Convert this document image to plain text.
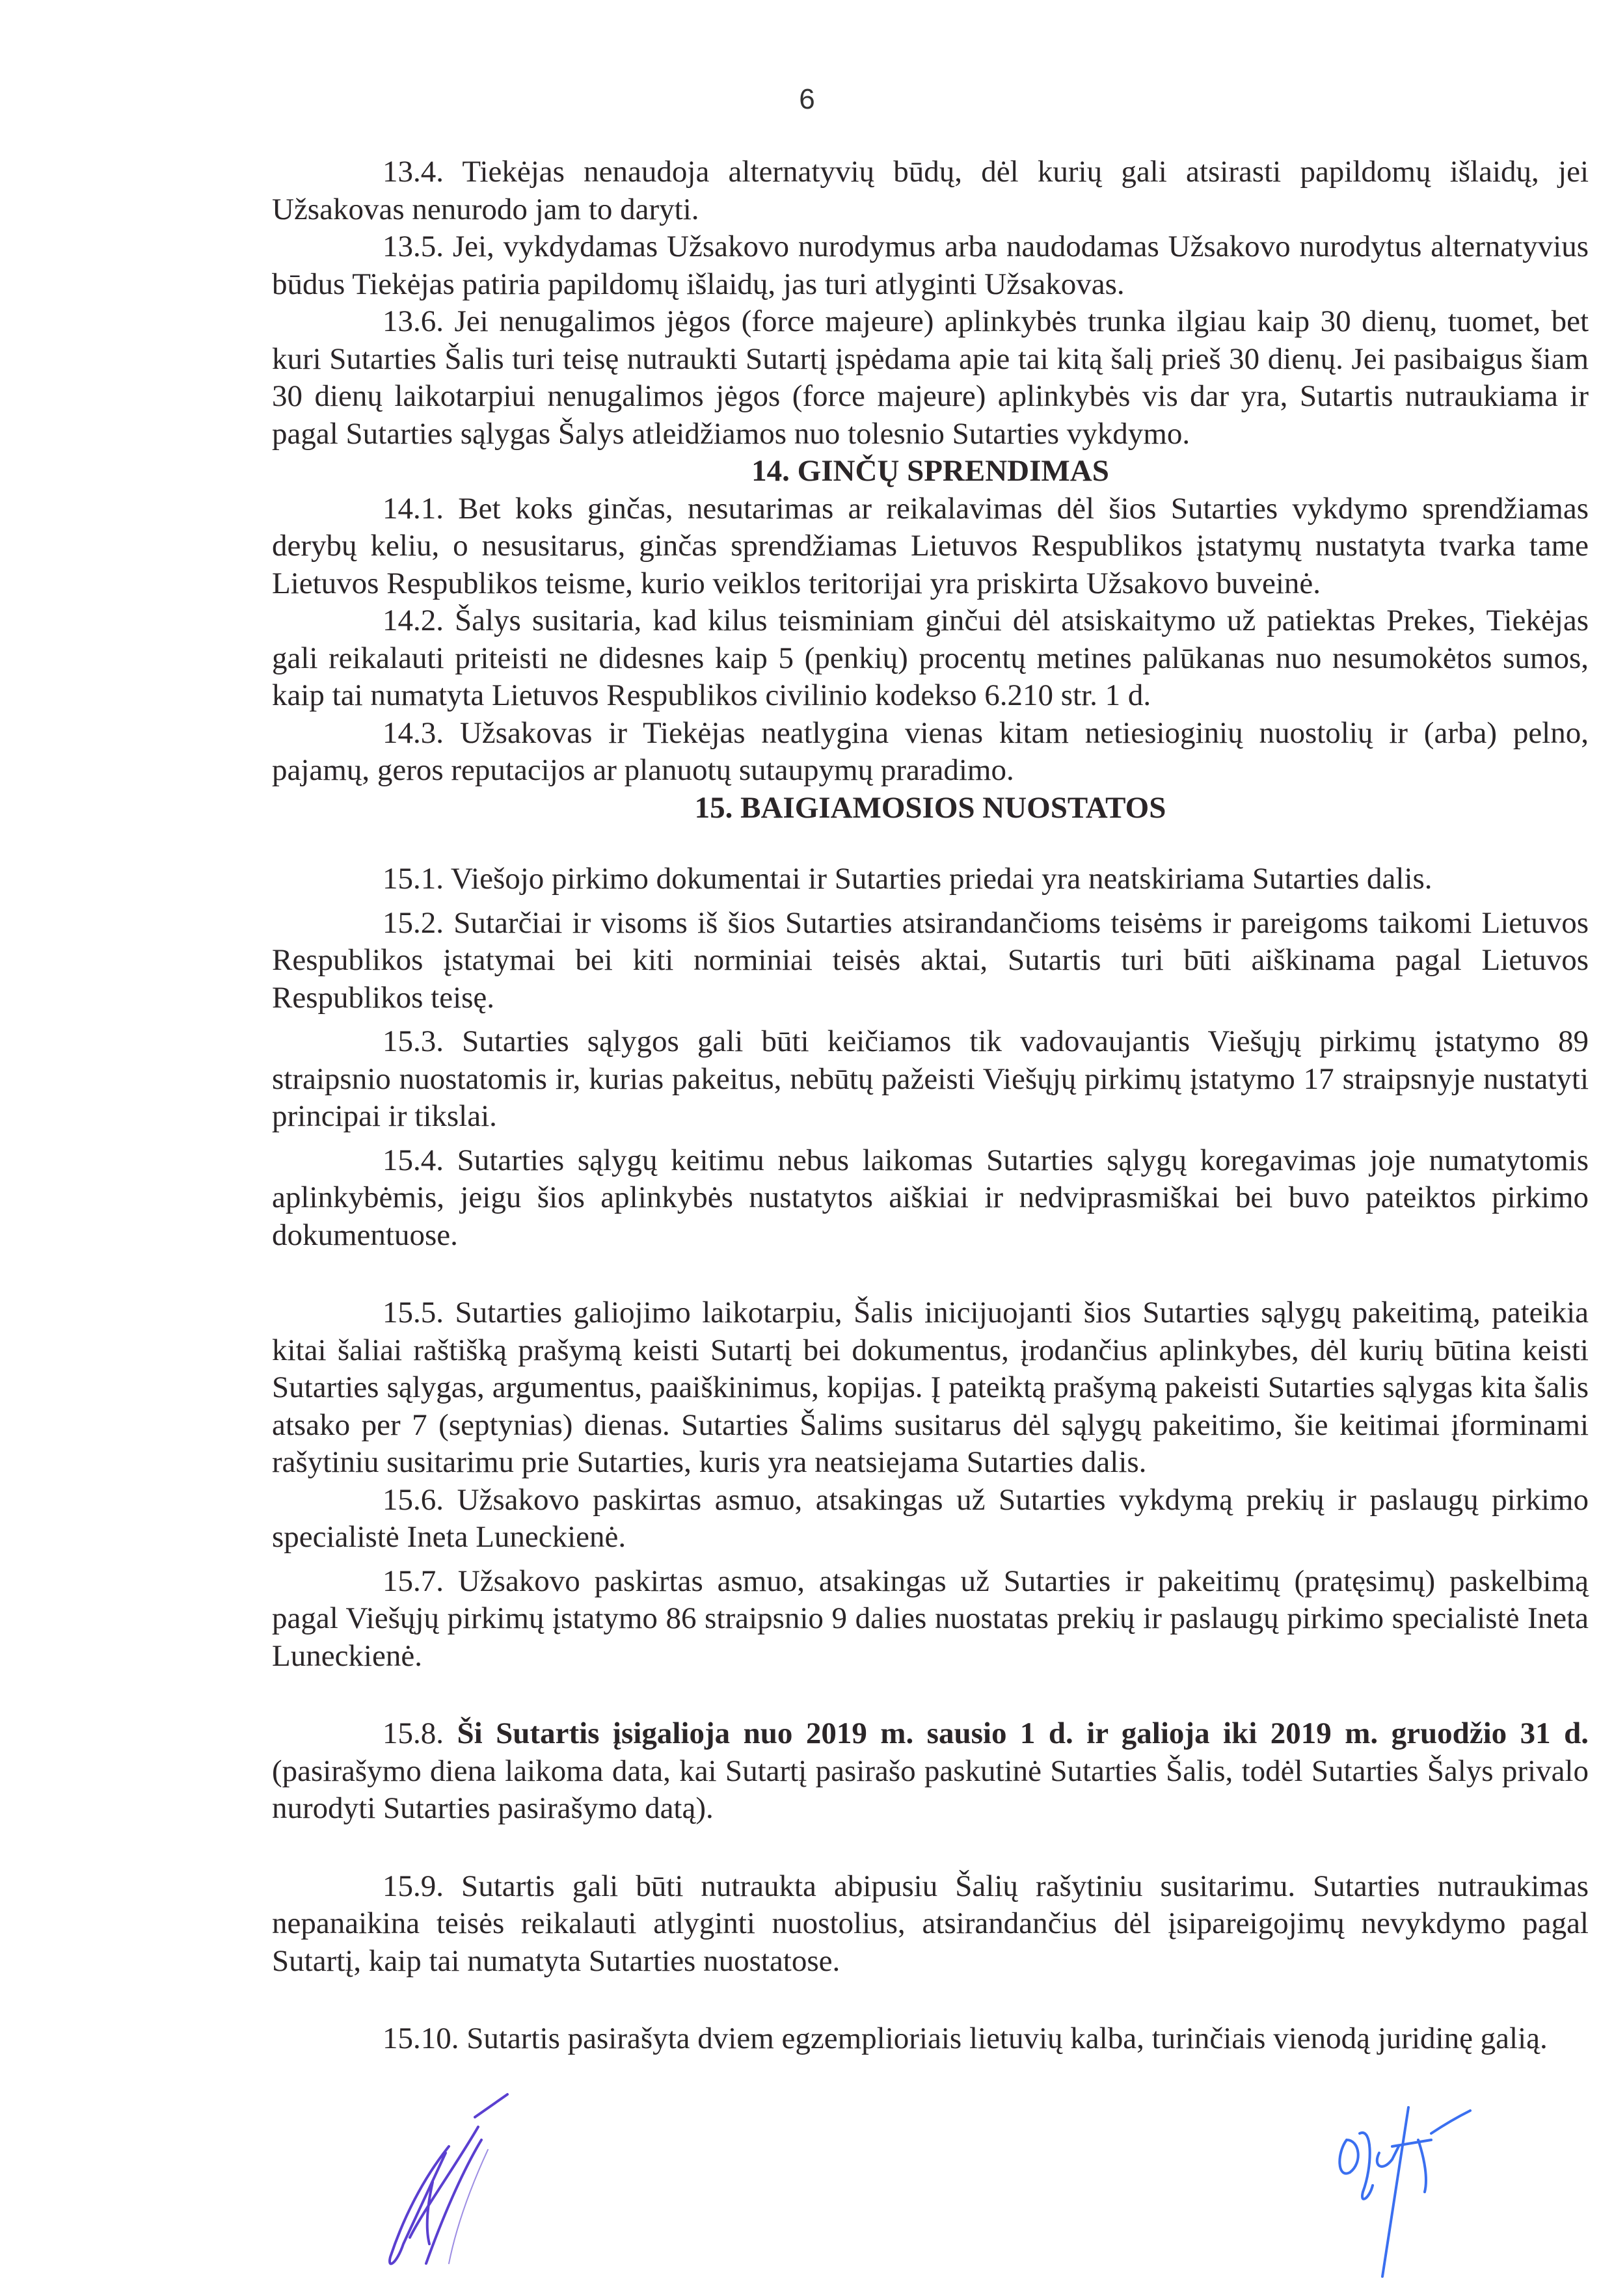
6

13.4. Tiekėjas nenaudoja alternatyvių būdų, dėl kurių gali atsirasti papildomų išlaidų, jei Užsakovas nenurodo jam to daryti.

13.5. Jei, vykdydamas Užsakovo nurodymus arba naudodamas Užsakovo nurodytus alternatyvius būdus Tiekėjas patiria papildomų išlaidų, jas turi atlyginti Užsakovas.

13.6. Jei nenugalimos jėgos (force majeure) aplinkybės trunka ilgiau kaip 30 dienų, tuomet, bet kuri Sutarties Šalis turi teisę nutraukti Sutartį įspėdama apie tai kitą šalį prieš 30 dienų. Jei pasibaigus šiam 30 dienų laikotarpiui nenugalimos jėgos (force majeure) aplinkybės vis dar yra, Sutartis nutraukiama ir pagal Sutarties sąlygas Šalys atleidžiamos nuo tolesnio Sutarties vykdymo.

14. GINČŲ SPRENDIMAS

14.1. Bet koks ginčas, nesutarimas ar reikalavimas dėl šios Sutarties vykdymo sprendžiamas derybų keliu, o nesusitarus, ginčas sprendžiamas Lietuvos Respublikos įstatymų nustatyta tvarka tame Lietuvos Respublikos teisme, kurio veiklos teritorijai yra priskirta Užsakovo buveinė.

14.2. Šalys susitaria, kad kilus teisminiam ginčui dėl atsiskaitymo už patiektas Prekes, Tiekėjas gali reikalauti priteisti ne didesnes kaip 5 (penkių) procentų metines palūkanas nuo nesumokėtos sumos, kaip tai numatyta Lietuvos Respublikos civilinio kodekso 6.210 str. 1 d.

14.3. Užsakovas ir Tiekėjas neatlygina vienas kitam netiesioginių nuostolių ir (arba) pelno, pajamų, geros reputacijos ar planuotų sutaupymų praradimo.

15. BAIGIAMOSIOS NUOSTATOS

15.1. Viešojo pirkimo dokumentai ir Sutarties priedai yra neatskiriama Sutarties dalis.

15.2. Sutarčiai ir visoms iš šios Sutarties atsirandančioms teisėms ir pareigoms taikomi Lietuvos Respublikos įstatymai bei kiti norminiai teisės aktai, Sutartis turi būti aiškinama pagal Lietuvos Respublikos teisę.

15.3. Sutarties sąlygos gali būti keičiamos tik vadovaujantis Viešųjų pirkimų įstatymo 89 straipsnio nuostatomis ir, kurias pakeitus, nebūtų pažeisti Viešųjų pirkimų įstatymo 17 straipsnyje nustatyti principai ir tikslai.

15.4. Sutarties sąlygų keitimu nebus laikomas Sutarties sąlygų koregavimas joje numatytomis aplinkybėmis, jeigu šios aplinkybės nustatytos aiškiai ir nedviprasmiškai bei buvo pateiktos pirkimo dokumentuose.

15.5. Sutarties galiojimo laikotarpiu, Šalis inicijuojanti šios Sutarties sąlygų pakeitimą, pateikia kitai šaliai raštišką prašymą keisti Sutartį bei dokumentus, įrodančius aplinkybes, dėl kurių būtina keisti Sutarties sąlygas, argumentus, paaiškinimus, kopijas. Į pateiktą prašymą pakeisti Sutarties sąlygas kita šalis atsako per 7 (septynias) dienas. Sutarties Šalims susitarus dėl sąlygų pakeitimo, šie keitimai įforminami rašytiniu susitarimu prie Sutarties, kuris yra neatsiejama Sutarties dalis.

15.6. Užsakovo paskirtas asmuo, atsakingas už Sutarties vykdymą prekių ir paslaugų pirkimo specialistė Ineta Luneckienė.

15.7. Užsakovo paskirtas asmuo, atsakingas už Sutarties ir pakeitimų (pratęsimų) paskelbimą pagal Viešųjų pirkimų įstatymo 86 straipsnio 9 dalies nuostatas prekių ir paslaugų pirkimo specialistė Ineta Luneckienė.

15.8. Ši Sutartis įsigalioja nuo 2019 m. sausio 1 d. ir galioja iki 2019 m. gruodžio 31 d. (pasirašymo diena laikoma data, kai Sutartį pasirašo paskutinė Sutarties Šalis, todėl Sutarties Šalys privalo nurodyti Sutarties pasirašymo datą).

15.9. Sutartis gali būti nutraukta abipusiu Šalių rašytiniu susitarimu. Sutarties nutraukimas nepanaikina teisės reikalauti atlyginti nuostolius, atsirandančius dėl įsipareigojimų nevykdymo pagal Sutartį, kaip tai numatyta Sutarties nuostatose.

15.10. Sutartis pasirašyta dviem egzemplioriais lietuvių kalba, turinčiais vienodą juridinę galią.
